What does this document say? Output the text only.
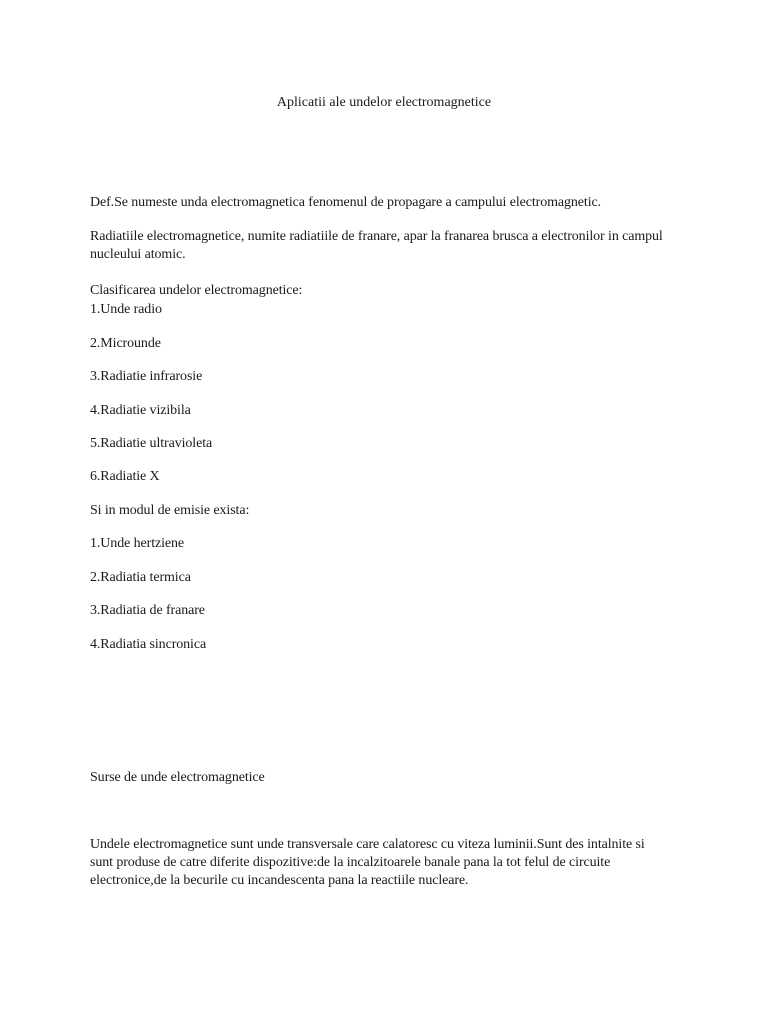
Aplicatii ale undelor electromagnetice
Def.Se numeste unda electromagnetica fenomenul de propagare a campului electromagnetic.
Radiatiile electromagnetice, numite radiatiile de franare, apar la franarea brusca a electronilor in campul nucleului atomic.
Clasificarea undelor electromagnetice:
1.Unde radio
2.Microunde
3.Radiatie infrarosie
4.Radiatie vizibila
5.Radiatie ultravioleta
6.Radiatie X
Si in modul de emisie exista:
1.Unde hertziene
2.Radiatia termica
3.Radiatia de franare
4.Radiatia sincronica
Surse de unde electromagnetice
Undele electromagnetice sunt unde transversale care calatoresc cu viteza luminii.Sunt des intalnite si sunt produse de catre diferite dispozitive:de la incalzitoarele banale pana la tot felul de circuite electronice,de la becurile cu incandescenta pana la reactiile nucleare.
